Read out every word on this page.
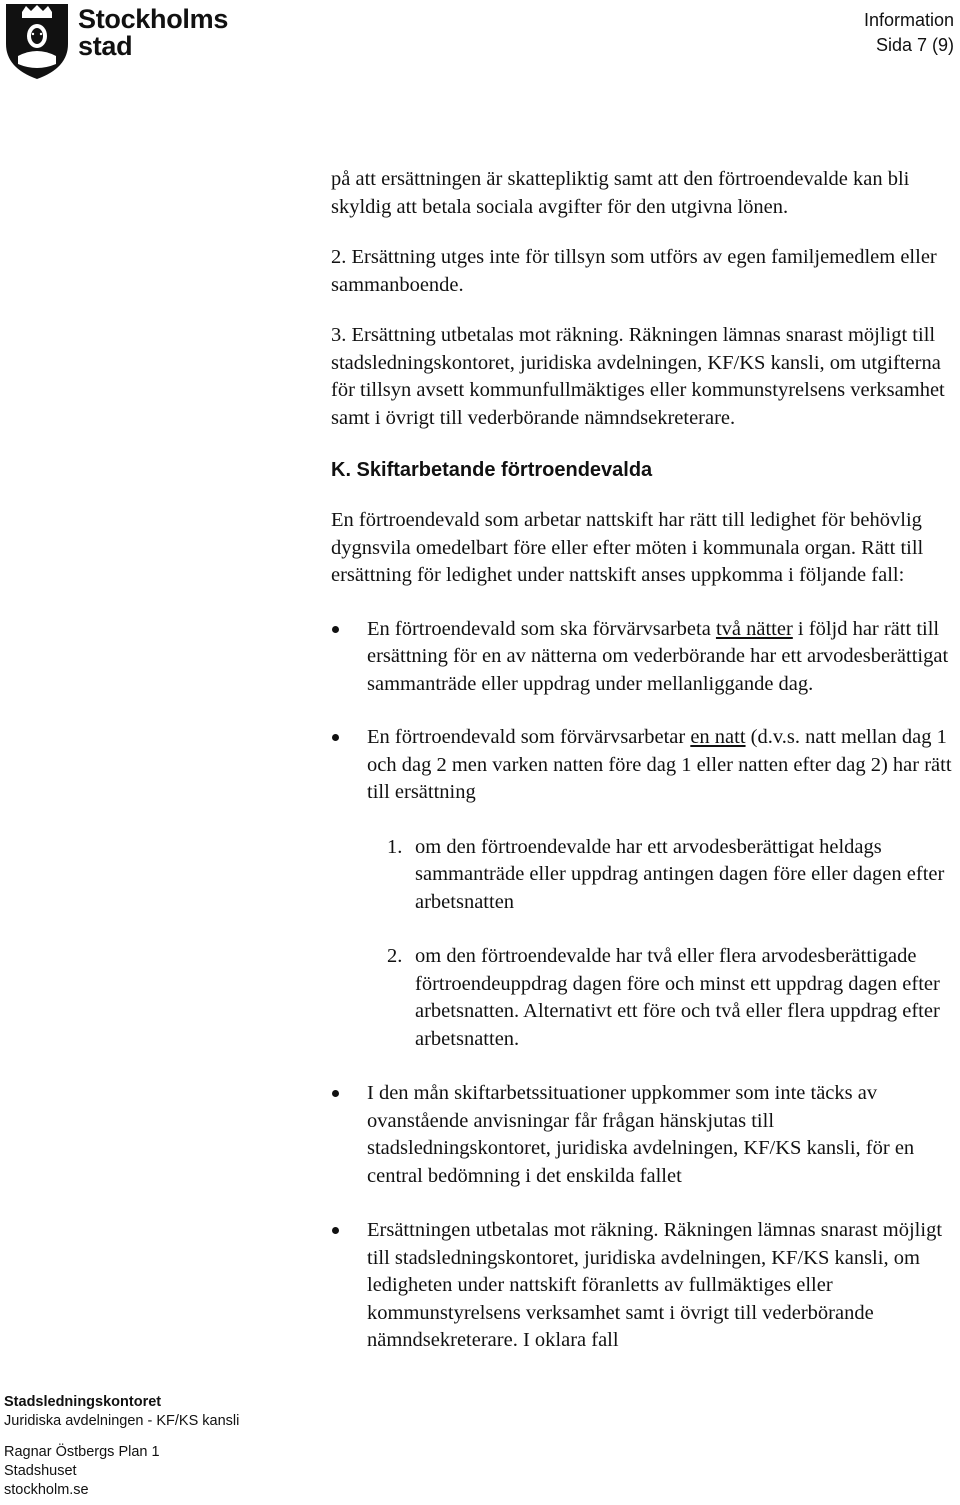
Stockholms
stad
Information
Sida 7 (9)

på att ersättningen är skattepliktig samt att den förtroendevalde kan bli skyldig att betala sociala avgifter för den utgivna lönen.

2. Ersättning utges inte för tillsyn som utförs av egen familjemedlem eller sammanboende.

3. Ersättning utbetalas mot räkning. Räkningen lämnas snarast möjligt till stadsledningskontoret, juridiska avdelningen, KF/KS kansli, om utgifterna för tillsyn avsett kommunfullmäktiges eller kommunstyrelsens verksamhet samt i övrigt till vederbörande nämndsekreterare.

K. Skiftarbetande förtroendevalda

En förtroendevald som arbetar nattskift har rätt till ledighet för behövlig dygnsvila omedelbart före eller efter möten i kommunala organ. Rätt till ersättning för ledighet under nattskift anses uppkomma i följande fall:

En förtroendevald som ska förvärvsarbeta två nätter i följd har rätt till ersättning för en av nätterna om vederbörande har ett arvodesberättigat sammanträde eller uppdrag under mellanliggande dag.
En förtroendevald som förvärvsarbetar en natt (d.v.s. natt mellan dag 1 och dag 2 men varken natten före dag 1 eller natten efter dag 2) har rätt till ersättning
1. om den förtroendevalde har ett arvodesberättigat heldags sammanträde eller uppdrag antingen dagen före eller dagen efter arbetsnatten
2. om den förtroendevalde har två eller flera arvodesberättigade förtroendeuppdrag dagen före och minst ett uppdrag dagen efter arbetsnatten. Alternativt ett före och två eller flera uppdrag efter arbetsnatten.
I den mån skiftarbetssituationer uppkommer som inte täcks av ovanstående anvisningar får frågan hänskjutas till stadsledningskontoret, juridiska avdelningen, KF/KS kansli, för en central bedömning i det enskilda fallet
Ersättningen utbetalas mot räkning. Räkningen lämnas snarast möjligt till stadsledningskontoret, juridiska avdelningen, KF/KS kansli, om ledigheten under nattskift föranletts av fullmäktiges eller kommunstyrelsens verksamhet samt i övrigt till vederbörande nämndsekreterare. I oklara fall
Stadsledningskontoret
Juridiska avdelningen - KF/KS kansli
Ragnar Östbergs Plan 1
Stadshuset
stockholm.se
